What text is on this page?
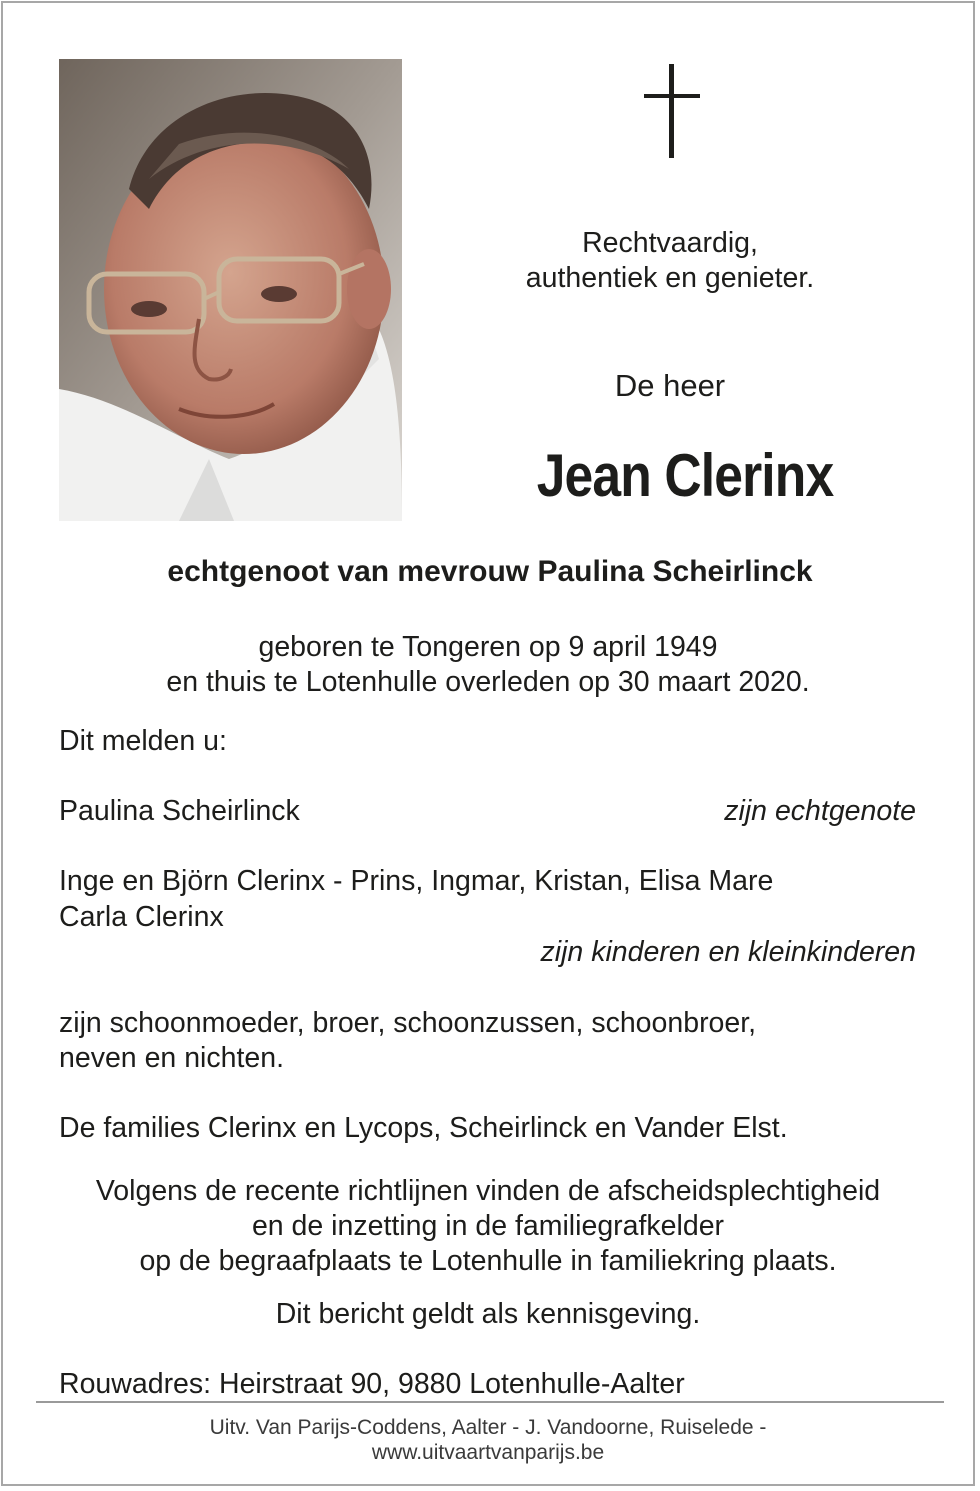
Rechtvaardig,
authentiek en genieter.
De heer
Jean Clerinx
echtgenoot van mevrouw Paulina Scheirlinck
geboren te Tongeren op 9 april 1949
en thuis te Lotenhulle overleden op 30 maart 2020.
Dit melden u:
Paulina Scheirlinck	zijn echtgenote
Inge en Björn Clerinx - Prins, Ingmar, Kristan, Elisa Mare
Carla Clerinx
zijn kinderen en kleinkinderen
zijn schoonmoeder, broer, schoonzussen, schoonbroer,
neven en nichten.
De families Clerinx en Lycops, Scheirlinck en Vander Elst.
Volgens de recente richtlijnen vinden de afscheidsplechtigheid
en de inzetting in de familiegrafkelder
op de begraafplaats te Lotenhulle in familiekring plaats.
Dit bericht geldt als kennisgeving.
Rouwadres: Heirstraat 90, 9880 Lotenhulle-Aalter
Uitv. Van Parijs-Coddens, Aalter - J. Vandoorne, Ruiselede -
www.uitvaartvanparijs.be
